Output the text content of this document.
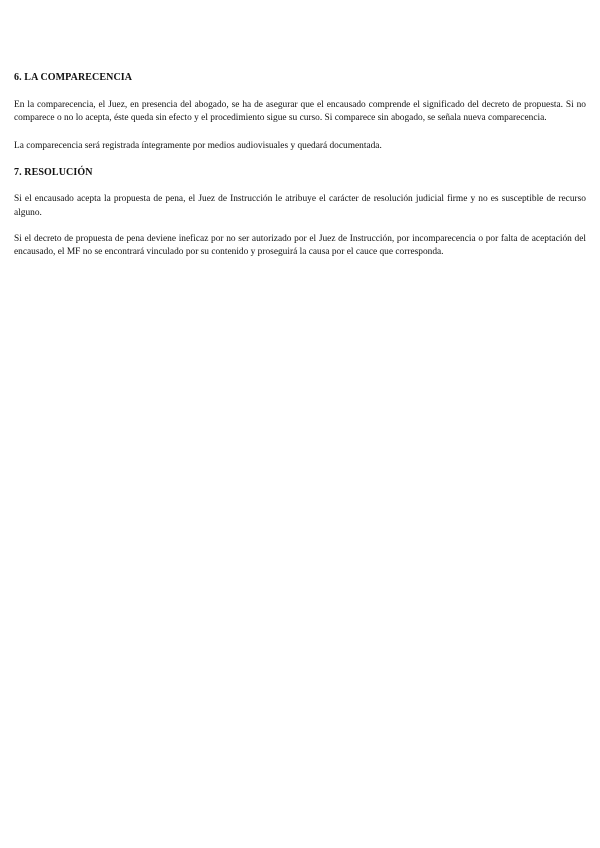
6. LA COMPARECENCIA

En la comparecencia, el Juez, en presencia del abogado, se ha de asegurar que el encausado comprende el significado del decreto de propuesta. Si no comparece o no lo acepta, éste queda sin efecto y el procedimiento sigue su curso. Si comparece sin abogado, se señala nueva comparecencia.

La comparecencia será registrada íntegramente por medios audiovisuales y quedará documentada.

7. RESOLUCIÓN

Si el encausado acepta la propuesta de pena, el Juez de Instrucción le atribuye el carácter de resolución judicial firme y no es susceptible de recurso alguno.

Si el decreto de propuesta de pena deviene ineficaz por no ser autorizado por el Juez de Instrucción, por incomparecencia o por falta de aceptación del encausado, el MF no se encontrará vinculado por su contenido y proseguirá la causa por el cauce que corresponda.
